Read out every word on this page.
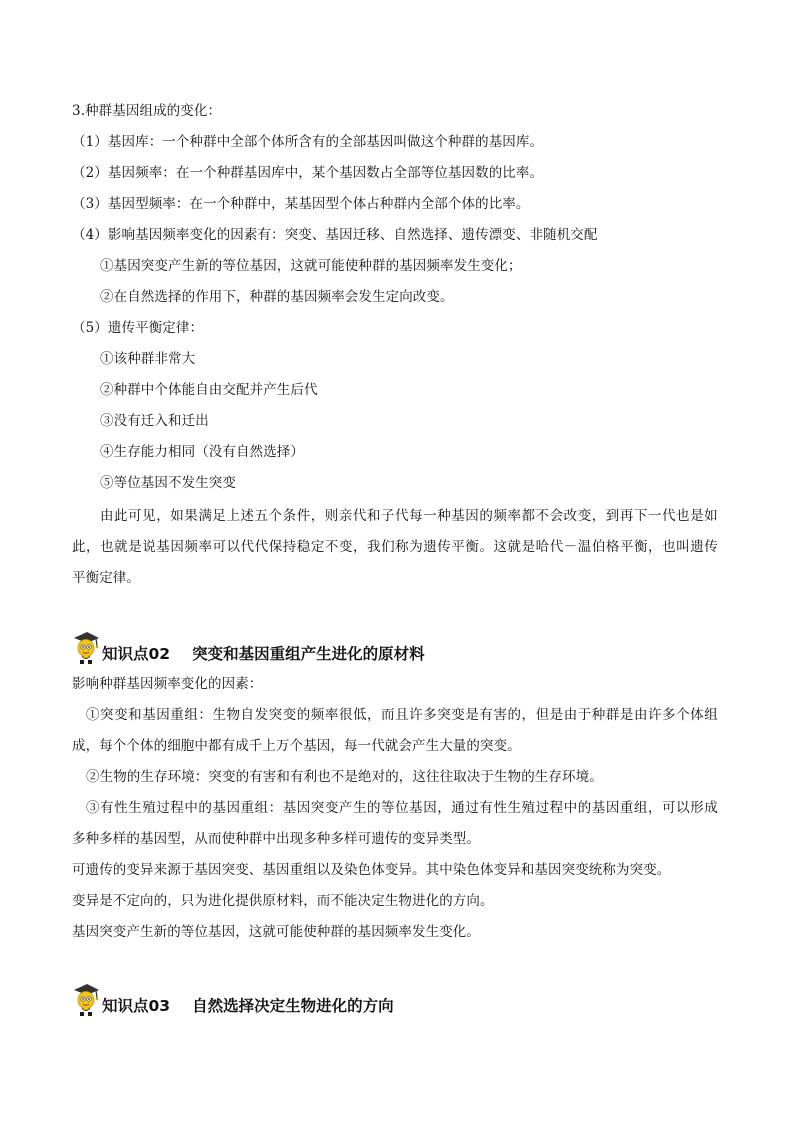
3.种群基因组成的变化：
（1）基因库：一个种群中全部个体所含有的全部基因叫做这个种群的基因库。
（2）基因频率：在一个种群基因库中，某个基因数占全部等位基因数的比率。
（3）基因型频率：在一个种群中，某基因型个体占种群内全部个体的比率。
（4）影响基因频率变化的因素有：突变、基因迁移、自然选择、遗传漂变、非随机交配
①基因突变产生新的等位基因，这就可能使种群的基因频率发生变化；
②在自然选择的作用下，种群的基因频率会发生定向改变。
（5）遗传平衡定律：
①该种群非常大
②种群中个体能自由交配并产生后代
③没有迁入和迁出
④生存能力相同（没有自然选择）
⑤等位基因不发生突变
由此可见，如果满足上述五个条件，则亲代和子代每一种基因的频率都不会改变，到再下一代也是如
此，也就是说基因频率可以代代保持稳定不变，我们称为遗传平衡。这就是哈代－温伯格平衡，也叫遗传
平衡定律。
知识点02 突变和基因重组产生进化的原材料
影响种群基因频率变化的因素：
①突变和基因重组：生物自发突变的频率很低，而且许多突变是有害的，但是由于种群是由许多个体组
成，每个个体的细胞中都有成千上万个基因，每一代就会产生大量的突变。
②生物的生存环境：突变的有害和有利也不是绝对的，这往往取决于生物的生存环境。
③有性生殖过程中的基因重组：基因突变产生的等位基因，通过有性生殖过程中的基因重组，可以形成
多种多样的基因型，从而使种群中出现多种多样可遗传的变异类型。
可遗传的变异来源于基因突变、基因重组以及染色体变异。其中染色体变异和基因突变统称为突变。
变异是不定向的，只为进化提供原材料，而不能决定生物进化的方向。
基因突变产生新的等位基因，这就可能使种群的基因频率发生变化。
知识点03 自然选择决定生物进化的方向
